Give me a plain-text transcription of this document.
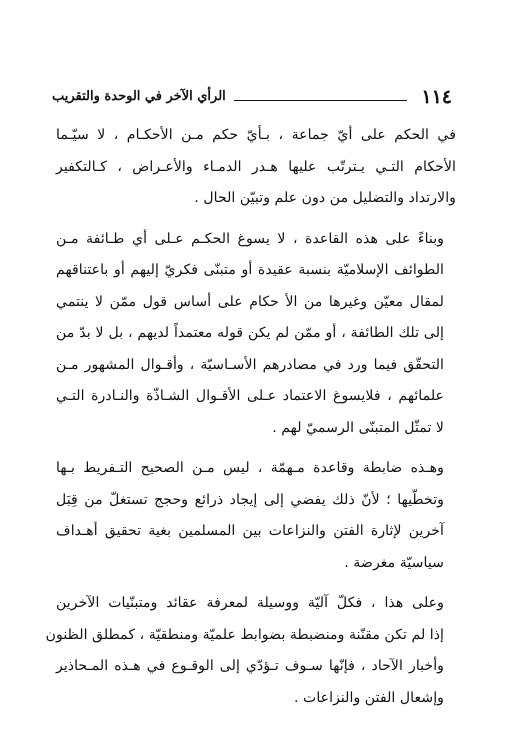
١١٤
الرأي الآخر في الوحدة والتقريب

في الحكم على أيّ جماعة ، بـأيّ حكم مـن الأحكـام ، لا سيّـما
الأحكام التـي يـترتّب عليها هـدر الدمـاء والأعـراض ، كـالتكفير
والارتداد والتضليل من دون علم وتبيّن الحال .

وبناءً على هذه القاعدة ، لا يسوغ الحكـم عـلى أي طـائفة مـن
الطوائف الإسلاميّة بنسبة عقيدة أو متبنّى فكريّ إليهم أو باعتناقهم
لمقال معيّن وغيرها من الأ حكام على أساس قول ممّن لا ينتمي
إلى تلك الطائفة ، أو ممّن لم يكن قوله معتمداً لديهم ، بل لا بدّ من
التحقّق فيما ورد في مصادرهم الأسـاسيّة ، وأقـوال المشهور مـن
علمائهم ، فلايسوغ الاعتماد عـلى الأقـوال الشـاذّة والنـادرة التـي
لا تمثّل المتبنّى الرسميّ لهم .

وهـذه ضابطة وقاعدة مـهمّة ، ليس مـن الصحيح التـفريط بـها
وتخطّيها ؛ لأنّ ذلك يفضي إلى إيجاد ذرائع وحجج تستغلّ من قِبَل
آخرين لإثارة الفتن والنزاعات بين المسلمين بغية تحقيق أهـداف
سياسيّة مغرضة .

وعلى هذا ، فكلّ آليّة ووسيلة لمعرفة عقائد ومتبنّيات الآخرين
إذا لم تكن مقنّنة ومنضبطة بضوابط علميّة ومنطقيّة ، كمطلق الظنون
وأخبار الآحاد ، فإنّها سـوف تـؤدّي إلى الوقـوع في هـذه المـحاذير
وإشعال الفتن والنزاعات .
